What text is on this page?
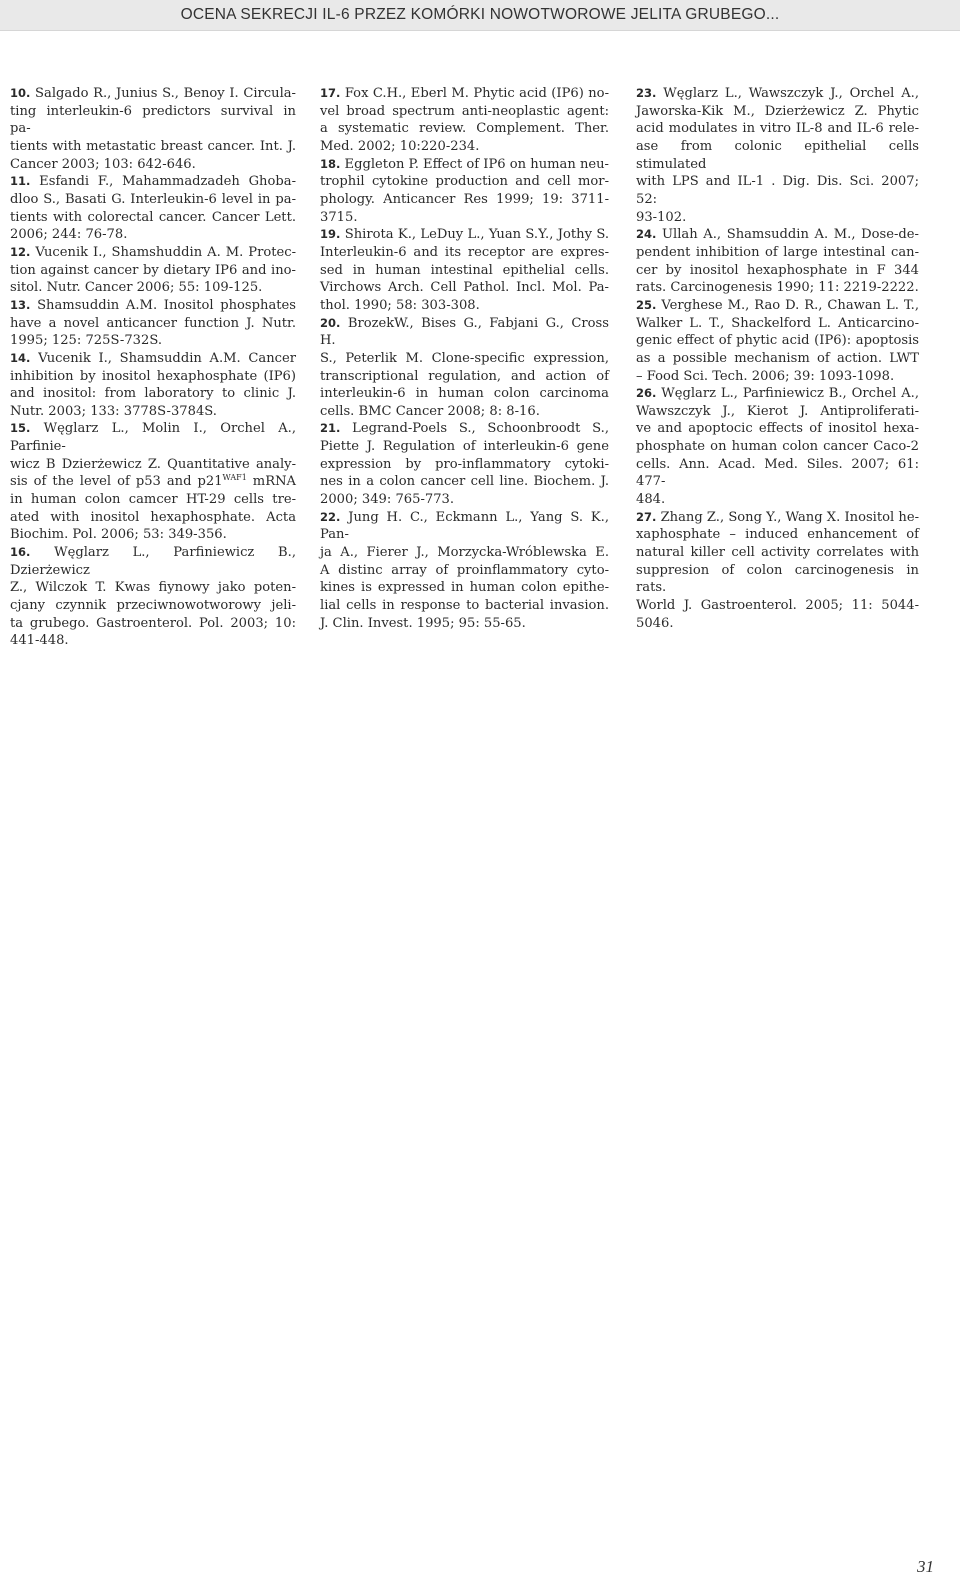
OCENA SEKRECJI IL-6 PRZEZ KOMÓRKI NOWOTWOROWE JELITA GRUBEGO...
10. Salgado R., Junius S., Benoy I. Circula-
ting interleukin-6 predictors survival in pa-
tients with metastatic breast cancer. Int. J.
Cancer 2003; 103: 642-646.
11. Esfandi F., Mahammadzadeh Ghoba-
dloo S., Basati G. Interleukin-6 level in pa-
tients with colorectal cancer. Cancer Lett.
2006; 244: 76-78.
12. Vucenik I., Shamshuddin A. M. Protec-
tion against cancer by dietary IP6 and ino-
sitol. Nutr. Cancer 2006; 55: 109-125.
13. Shamsuddin A.M. Inositol phosphates
have a novel anticancer function J. Nutr.
1995; 125: 725S-732S.
14. Vucenik I., Shamsuddin A.M. Cancer
inhibition by inositol hexaphosphate (IP6)
and inositol: from laboratory to clinic J.
Nutr. 2003; 133: 3778S-3784S.
15. Węglarz L., Molin I., Orchel A., Parfinie-
wicz B Dzierżewicz Z. Quantitative analy-
sis of the level of p53 and $p21^{WAF1}$ mRNA
in human colon camcer HT-29 cells tre-
ated with inositol hexaphosphate. Acta
Biochim. Pol. 2006; 53: 349-356.
16. Węglarz L., Parfiniewicz B., Dzierżewicz
Z., Wilczok T. Kwas fiynowy jako poten-
cjany czynnik przeciwnowotworowy jeli-
ta grubego. Gastroenterol. Pol. 2003; 10:
441-448.
17. Fox C.H., Eberl M. Phytic acid (IP6) no-
vel broad spectrum anti-neoplastic agent:
a systematic review. Complement. Ther.
Med. 2002; 10:220-234.
18. Eggleton P. Effect of IP6 on human neu-
trophil cytokine production and cell mor-
phology. Anticancer Res 1999; 19: 3711-
3715.
19. Shirota K., LeDuy L., Yuan S.Y., Jothy S.
Interleukin-6 and its receptor are expres-
sed in human intestinal epithelial cells.
Virchows Arch. Cell Pathol. Incl. Mol. Pa-
thol. 1990; 58: 303-308.
20. BrozekW., Bises G., Fabjani G., Cross H.
S., Peterlik M. Clone-specific expression,
transcriptional regulation, and action of
interleukin-6 in human colon carcinoma
cells. BMC Cancer 2008; 8: 8-16.
21. Legrand-Poels S., Schoonbroodt S.,
Piette J. Regulation of interleukin-6 gene
expression by pro-inflammatory cytoki-
nes in a colon cancer cell line. Biochem. J.
2000; 349: 765-773.
22. Jung H. C., Eckmann L., Yang S. K., Pan-
ja A., Fierer J., Morzycka-Wróblewska E.
A distinc array of proinflammatory cyto-
kines is expressed in human colon epithe-
lial cells in response to bacterial invasion.
J. Clin. Invest. 1995; 95: 55-65.
23. Węglarz L., Wawszczyk J., Orchel A.,
Jaworska-Kik M., Dzierżewicz Z. Phytic
acid modulates in vitro IL-8 and IL-6 rele-
ase from colonic epithelial cells stimulated
with LPS and IL-1 . Dig. Dis. Sci. 2007; 52:
93-102.
24. Ullah A., Shamsuddin A. M., Dose-de-
pendent inhibition of large intestinal can-
cer by inositol hexaphosphate in F 344
rats. Carcinogenesis 1990; 11: 2219-2222.
25. Verghese M., Rao D. R., Chawan L. T.,
Walker L. T., Shackelford L. Anticarcino-
genic effect of phytic acid (IP6): apoptosis
as a possible mechanism of action. LWT
– Food Sci. Tech. 2006; 39: 1093-1098.
26. Węglarz L., Parfiniewicz B., Orchel A.,
Wawszczyk J., Kierot J. Antiproliferati-
ve and apoptocic effects of inositol hexa-
phosphate on human colon cancer Caco-2
cells. Ann. Acad. Med. Siles. 2007; 61: 477-
484.
27. Zhang Z., Song Y., Wang X. Inositol he-
xaphosphate – induced enhancement of
natural killer cell activity correlates with
suppresion of colon carcinogenesis in rats.
World J. Gastroenterol. 2005; 11: 5044-
5046.
31
